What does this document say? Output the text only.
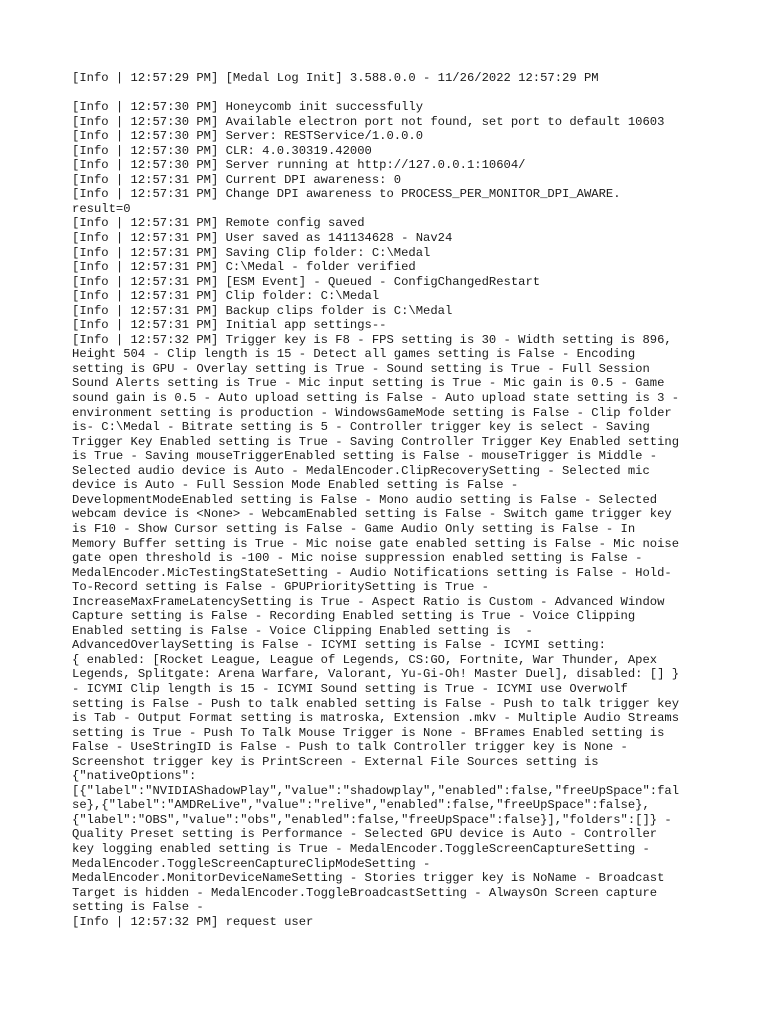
[Info | 12:57:29 PM] [Medal Log Init] 3.588.0.0 - 11/26/2022 12:57:29 PM

[Info | 12:57:30 PM] Honeycomb init successfully

[Info | 12:57:30 PM] Available electron port not found, set port to default 10603

[Info | 12:57:30 PM] Server: RESTService/1.0.0.0

[Info | 12:57:30 PM] CLR: 4.0.30319.42000

[Info | 12:57:30 PM] Server running at http://127.0.0.1:10604/

[Info | 12:57:31 PM] Current DPI awareness: 0

[Info | 12:57:31 PM] Change DPI awareness to PROCESS_PER_MONITOR_DPI_AWARE.
result=0

[Info | 12:57:31 PM] Remote config saved

[Info | 12:57:31 PM] User saved as 141134628 - Nav24

[Info | 12:57:31 PM] Saving Clip folder: C:\Medal

[Info | 12:57:31 PM] C:\Medal - folder verified

[Info | 12:57:31 PM] [ESM Event] - Queued - ConfigChangedRestart

[Info | 12:57:31 PM] Clip folder: C:\Medal

[Info | 12:57:31 PM] Backup clips folder is C:\Medal

[Info | 12:57:31 PM] Initial app settings--

[Info | 12:57:32 PM] Trigger key is F8 - FPS setting is 30 - Width setting is 896,
Height 504 - Clip length is 15 - Detect all games setting is False - Encoding
setting is GPU - Overlay setting is True - Sound setting is True - Full Session
Sound Alerts setting is True - Mic input setting is True - Mic gain is 0.5 - Game
sound gain is 0.5 - Auto upload setting is False - Auto upload state setting is 3 -
environment setting is production - WindowsGameMode setting is False - Clip folder
is- C:\Medal - Bitrate setting is 5 - Controller trigger key is select - Saving
Trigger Key Enabled setting is True - Saving Controller Trigger Key Enabled setting
is True - Saving mouseTriggerEnabled setting is False - mouseTrigger is Middle -
Selected audio device is Auto - MedalEncoder.ClipRecoverySetting - Selected mic
device is Auto - Full Session Mode Enabled setting is False -
DevelopmentModeEnabled setting is False - Mono audio setting is False - Selected
webcam device is <None> - WebcamEnabled setting is False - Switch game trigger key
is F10 - Show Cursor setting is False - Game Audio Only setting is False - In
Memory Buffer setting is True - Mic noise gate enabled setting is False - Mic noise
gate open threshold is -100 - Mic noise suppression enabled setting is False -
MedalEncoder.MicTestingStateSetting - Audio Notifications setting is False - Hold-
To-Record setting is False - GPUPrioritySetting is True -
IncreaseMaxFrameLatencySetting is True - Aspect Ratio is Custom - Advanced Window
Capture setting is False - Recording Enabled setting is True - Voice Clipping
Enabled setting is False - Voice Clipping Enabled setting is  -
AdvancedOverlaySetting is False - ICYMI setting is False - ICYMI setting:
{ enabled: [Rocket League, League of Legends, CS:GO, Fortnite, War Thunder, Apex
Legends, Splitgate: Arena Warfare, Valorant, Yu-Gi-Oh! Master Duel], disabled: [] }
- ICYMI Clip length is 15 - ICYMI Sound setting is True - ICYMI use Overwolf
setting is False - Push to talk enabled setting is False - Push to talk trigger key
is Tab - Output Format setting is matroska, Extension .mkv - Multiple Audio Streams
setting is True - Push To Talk Mouse Trigger is None - BFrames Enabled setting is
False - UseStringID is False - Push to talk Controller trigger key is None -
Screenshot trigger key is PrintScreen - External File Sources setting is
{"nativeOptions":
[{"label":"NVIDIAShadowPlay","value":"shadowplay","enabled":false,"freeUpSpace":fal
se},{"label":"AMDReLive","value":"relive","enabled":false,"freeUpSpace":false},
{"label":"OBS","value":"obs","enabled":false,"freeUpSpace":false}],"folders":[]} -
Quality Preset setting is Performance - Selected GPU device is Auto - Controller
key logging enabled setting is True - MedalEncoder.ToggleScreenCaptureSetting -
MedalEncoder.ToggleScreenCaptureClipModeSetting -
MedalEncoder.MonitorDeviceNameSetting - Stories trigger key is NoName - Broadcast
Target is hidden - MedalEncoder.ToggleBroadcastSetting - AlwaysOn Screen capture
setting is False -

[Info | 12:57:32 PM] request user
